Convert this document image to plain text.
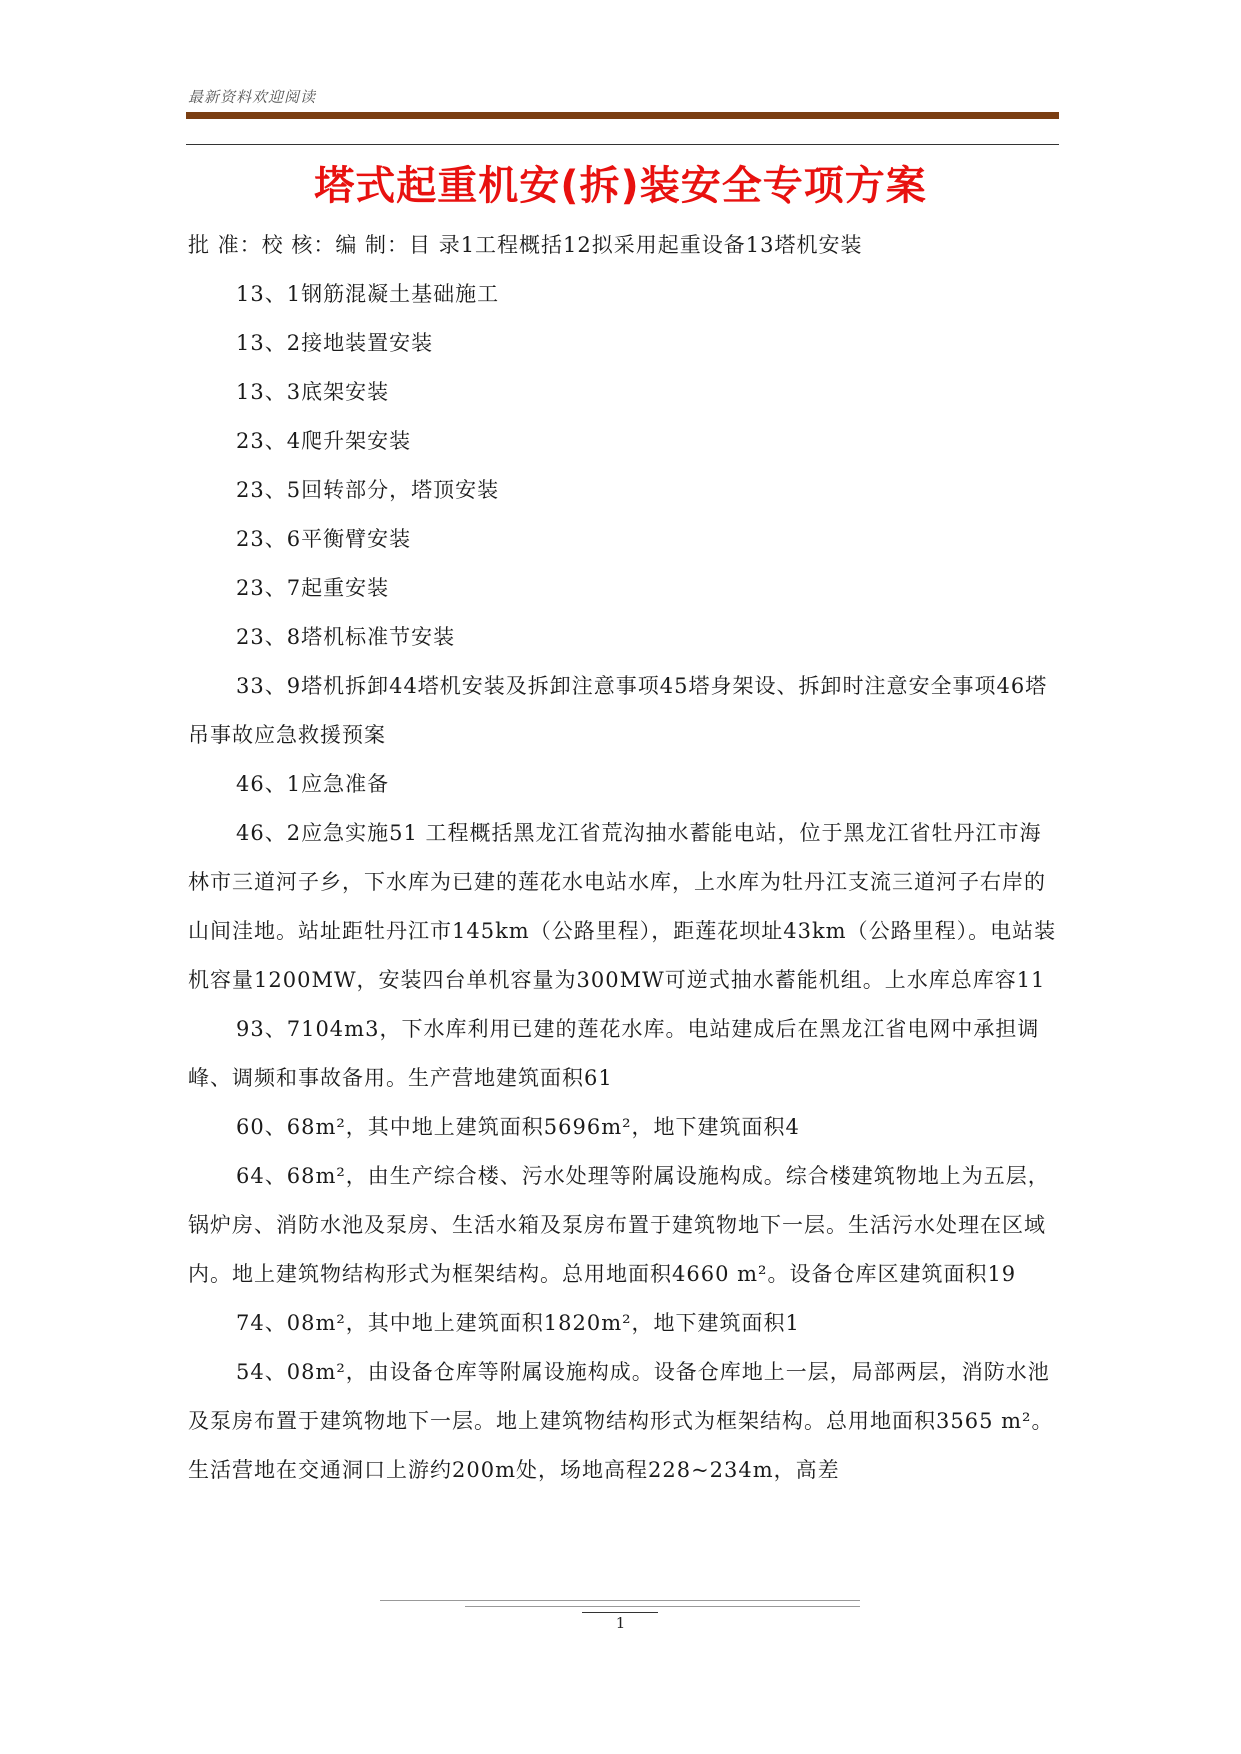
最新资料欢迎阅读
塔式起重机安(拆)装安全专项方案

批 准：校 核：编 制：目 录1工程概括12拟采用起重设备13塔机安装

13、1钢筋混凝土基础施工

13、2接地装置安装

13、3底架安装

23、4爬升架安装

23、5回转部分，塔顶安装

23、6平衡臂安装

23、7起重安装

23、8塔机标准节安装

33、9塔机拆卸44塔机安装及拆卸注意事项45塔身架设、拆卸时注意安全事项46塔吊事故应急救援预案

46、1应急准备

46、2应急实施51 工程概括黑龙江省荒沟抽水蓄能电站，位于黑龙江省牡丹江市海林市三道河子乡，下水库为已建的莲花水电站水库，上水库为牡丹江支流三道河子右岸的山间洼地。站址距牡丹江市145km（公路里程），距莲花坝址43km（公路里程）。电站装机容量1200MW，安装四台单机容量为300MW可逆式抽水蓄能机组。上水库总库容11

93、7104m3，下水库利用已建的莲花水库。电站建成后在黑龙江省电网中承担调峰、调频和事故备用。生产营地建筑面积61

60、68m²，其中地上建筑面积5696m²，地下建筑面积4

64、68m²，由生产综合楼、污水处理等附属设施构成。综合楼建筑物地上为五层，锅炉房、消防水池及泵房、生活水箱及泵房布置于建筑物地下一层。生活污水处理在区域内。地上建筑物结构形式为框架结构。总用地面积4660 m²。设备仓库区建筑面积19

74、08m²，其中地上建筑面积1820m²，地下建筑面积1

54、08m²，由设备仓库等附属设施构成。设备仓库地上一层，局部两层，消防水池及泵房布置于建筑物地下一层。地上建筑物结构形式为框架结构。总用地面积3565 m²。生活营地在交通洞口上游约200m处，场地高程228~234m，高差

1
